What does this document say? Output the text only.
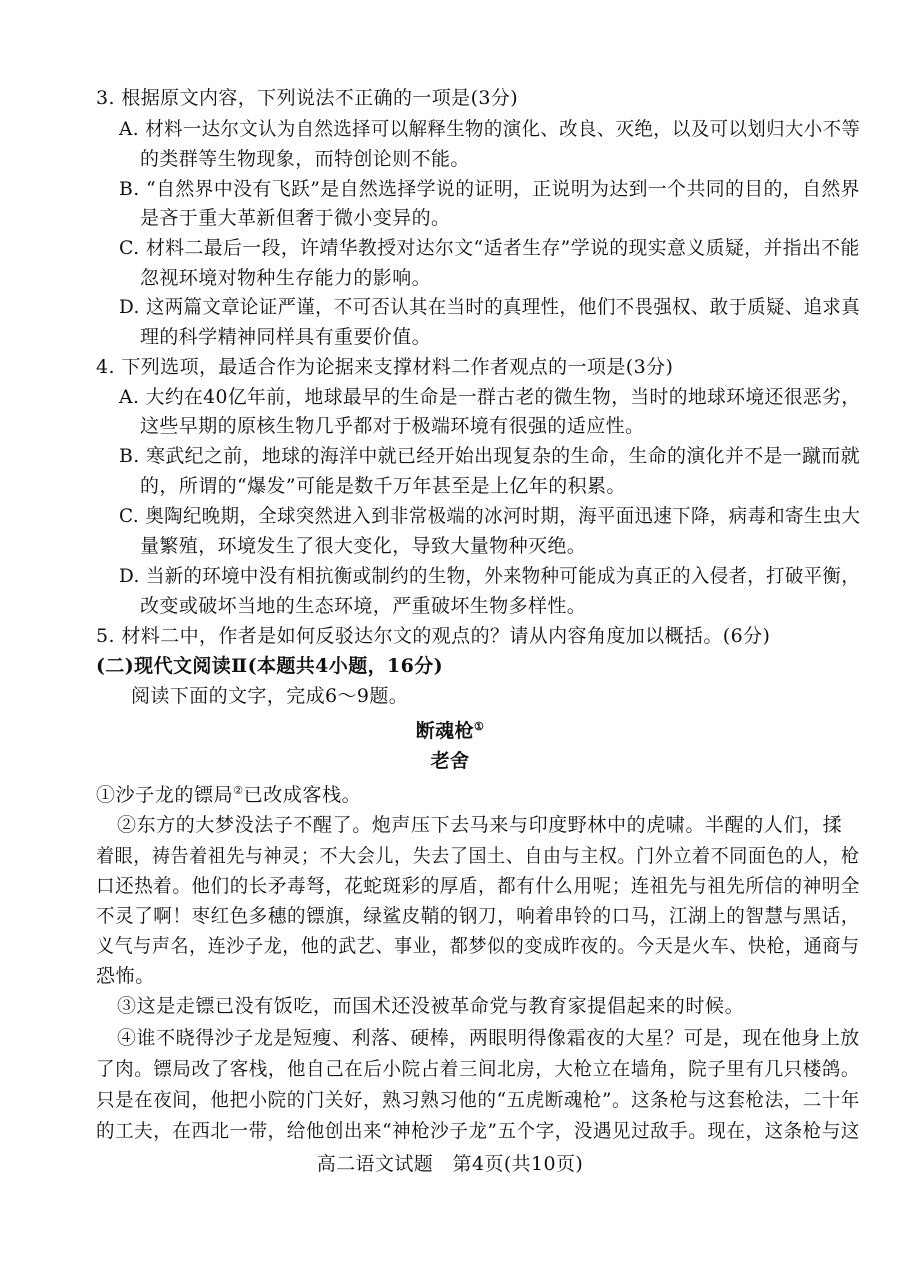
3. 根据原文内容，下列说法不正确的一项是(3分)
A. 材料一达尔文认为自然选择可以解释生物的演化、改良、灭绝，以及可以划归大小不等
的类群等生物现象，而特创论则不能。
B. “自然界中没有飞跃”是自然选择学说的证明，正说明为达到一个共同的目的，自然界
是吝于重大革新但奢于微小变异的。
C. 材料二最后一段，许靖华教授对达尔文“适者生存”学说的现实意义质疑，并指出不能
忽视环境对物种生存能力的影响。
D. 这两篇文章论证严谨，不可否认其在当时的真理性，他们不畏强权、敢于质疑、追求真
理的科学精神同样具有重要价值。
4. 下列选项，最适合作为论据来支撑材料二作者观点的一项是(3分)
A. 大约在40亿年前，地球最早的生命是一群古老的微生物，当时的地球环境还很恶劣，
这些早期的原核生物几乎都对于极端环境有很强的适应性。
B. 寒武纪之前，地球的海洋中就已经开始出现复杂的生命，生命的演化并不是一蹴而就
的，所谓的“爆发”可能是数千万年甚至是上亿年的积累。
C. 奥陶纪晚期，全球突然进入到非常极端的冰河时期，海平面迅速下降，病毒和寄生虫大
量繁殖，环境发生了很大变化，导致大量物种灭绝。
D. 当新的环境中没有相抗衡或制约的生物，外来物种可能成为真正的入侵者，打破平衡，
改变或破坏当地的生态环境，严重破坏生物多样性。
5. 材料二中，作者是如何反驳达尔文的观点的？请从内容角度加以概括。(6分)
(二)现代文阅读Ⅱ(本题共4小题，16分)
阅读下面的文字，完成6～9题。
断魂枪①
老舍
①沙子龙的镖局②已改成客栈。
②东方的大梦没法子不醒了。炮声压下去马来与印度野林中的虎啸。半醒的人们，揉
着眼，祷告着祖先与神灵；不大会儿，失去了国土、自由与主权。门外立着不同面色的人，枪
口还热着。他们的长矛毒弩，花蛇斑彩的厚盾，都有什么用呢；连祖先与祖先所信的神明全
不灵了啊！枣红色多穗的镖旗，绿鲨皮鞘的钢刀，响着串铃的口马，江湖上的智慧与黑话，
义气与声名，连沙子龙，他的武艺、事业，都梦似的变成昨夜的。今天是火车、快枪，通商与
恐怖。
③这是走镖已没有饭吃，而国术还没被革命党与教育家提倡起来的时候。
④谁不晓得沙子龙是短瘦、利落、硬棒，两眼明得像霜夜的大星？可是，现在他身上放
了肉。镖局改了客栈，他自己在后小院占着三间北房，大枪立在墙角，院子里有几只楼鸽。
只是在夜间，他把小院的门关好，熟习熟习他的“五虎断魂枪”。这条枪与这套枪法，二十年
的工夫，在西北一带，给他创出来“神枪沙子龙”五个字，没遇见过敌手。现在，这条枪与这
高二语文试题　第4页(共10页)
